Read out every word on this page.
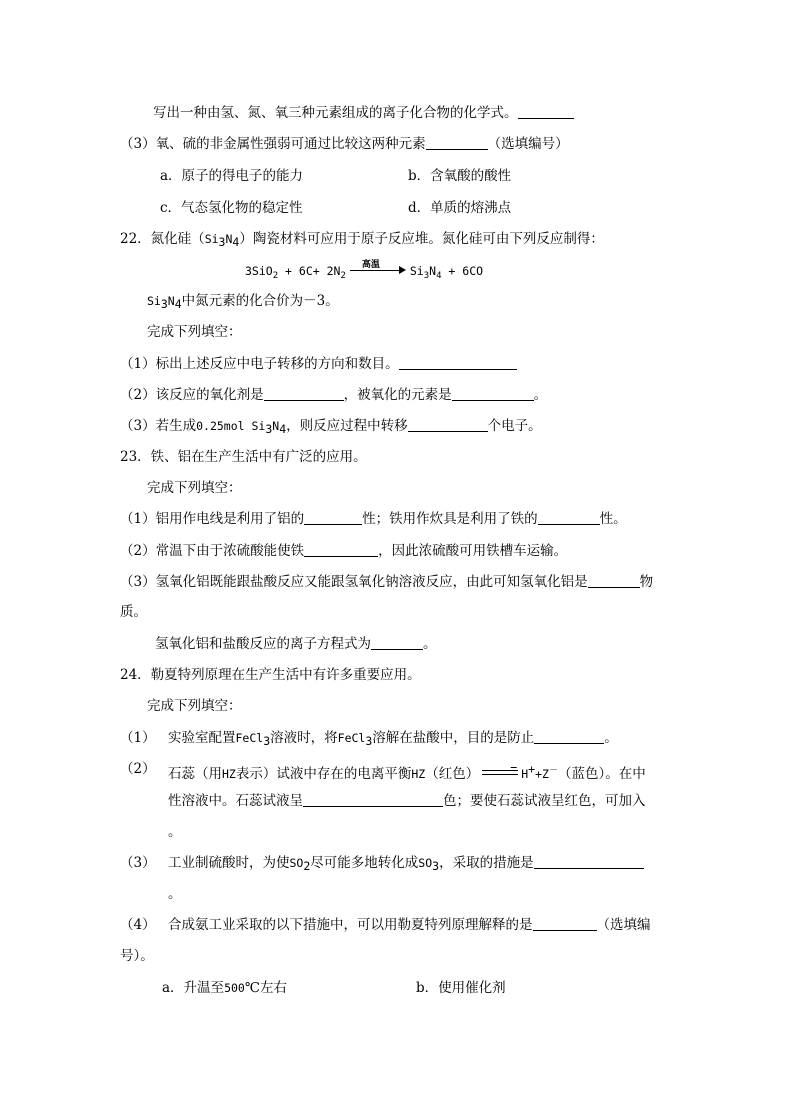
写出一种由氢、氮、氧三种元素组成的离子化合物的化学式。
（3）氧、硫的非金属性强弱可通过比较这两种元素	（选填编号）
a．原子的得电子的能力	b．含氧酸的酸性
c．气态氢化物的稳定性	d．单质的熔沸点
22．氮化硅（Si3N4）陶瓷材料可应用于原子反应堆。氮化硅可由下列反应制得：
$3SiO_2 + 6C+ 2N_2$
高温	$Si_3N_4 + 6CO$
Si3N4中氮元素的化合价为－3。
完成下列填空：
（1）标出上述反应中电子转移的方向和数目。
（2）该反应的氧化剂是	，被氧化的元素是	。
（3）若生成0.25mol Si3N4，则反应过程中转移	个电子。
23．铁、铝在生产生活中有广泛的应用。
完成下列填空：
（1）铝用作电线是利用了铝的	性；铁用作炊具是利用了铁的	性。
（2）常温下由于浓硫酸能使铁	，因此浓硫酸可用铁槽车运输。
（3）氢氧化铝既能跟盐酸反应又能跟氢氧化钠溶液反应，由此可知氢氧化铝是	物
质。
氢氧化铝和盐酸反应的离子方程式为	。
24．勒夏特列原理在生产生活中有许多重要应用。
完成下列填空：
（1） 实验室配置FeCl3溶液时，将FeCl3溶解在盐酸中，目的是防止	。
（2） 石蕊（用HZ表示）试液中存在的电离平衡HZ（红色）	H++Z－（蓝色）。在中
性溶液中。石蕊试液呈	色；要使石蕊试液呈红色，可加入
。
（3） 工业制硫酸时，为使SO2尽可能多地转化成SO3，采取的措施是
。
（4） 合成氨工业采取的以下措施中，可以用勒夏特列原理解释的是	（选填编
号）。
a．升温至500℃左右	b．使用催化剂
